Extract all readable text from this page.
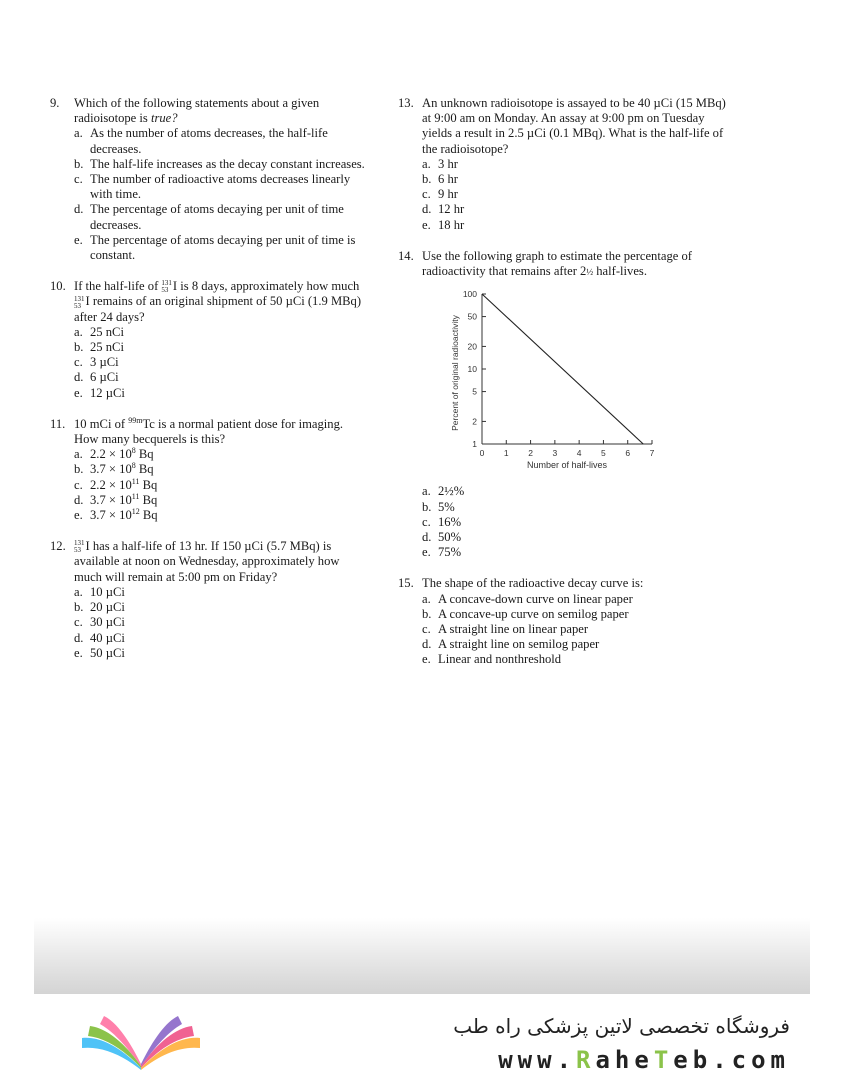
9.	Which of the following statements about a given radioisotope is true?
a. As the number of atoms decreases, the half-life decreases.
b. The half-life increases as the decay constant increases.
c. The number of radioactive atoms decreases linearly with time.
d. The percentage of atoms decaying per unit of time decreases.
e. The percentage of atoms decaying per unit of time is constant.
10. If the half-life of 131
53 I is 8 days, approximately how much
131
53 I remains of an original shipment of 50 µCi (1.9 MBq) after 24 days?
a. 25 nCi
b. 25 nCi
c. 3 µCi
d. 6 µCi
e. 12 µCi
11. 10 mCi of $^{99m}$Tc is a normal patient dose for imaging. How many becquerels is this?
a. $2.2 \times 10^8$ Bq
b. $3.7 \times 10^8$ Bq
c. $2.2 \times 10^{11}$ Bq
d. $3.7 \times 10^{11}$ Bq
e. $3.7 \times 10^{12}$ Bq
12.	131
53 I has a half-life of 13 hr. If 150 µCi (5.7 MBq) is available at noon on Wednesday, approximately how much will remain at 5:00 pm on Friday?
a. 10 µCi
b. 20 µCi
c. 30 µCi
d. 40 µCi
e. 50 µCi
13. An unknown radioisotope is assayed to be 40 µCi (15 MBq) at 9:00 am on Monday. An assay at 9:00 pm on Tuesday yields a result in 2.5 µCi (0.1 MBq). What is the half-life of the radioisotope?
a. 3 hr
b. 6 hr
c. 9 hr
d. 12 hr
e. 18 hr
14. Use the following graph to estimate the percentage of radioactivity that remains after 2½ half-lives.
0 1 2 3 4 5 6 7
1
2
5
10
20
50
100
Number of half-lives
Percent of original radioactivity
a. 2½%
b. 5%
c. 16%
d. 50%
e. 75%
15. The shape of the radioactive decay curve is:
a. A concave-down curve on linear paper
b. A concave-up curve on semilog paper
c. A straight line on linear paper
d. A straight line on semilog paper
e. Linear and nonthreshold
فروشگاه تخصصی لاتین پزشکی راه طب
www.RaheTeb.com
